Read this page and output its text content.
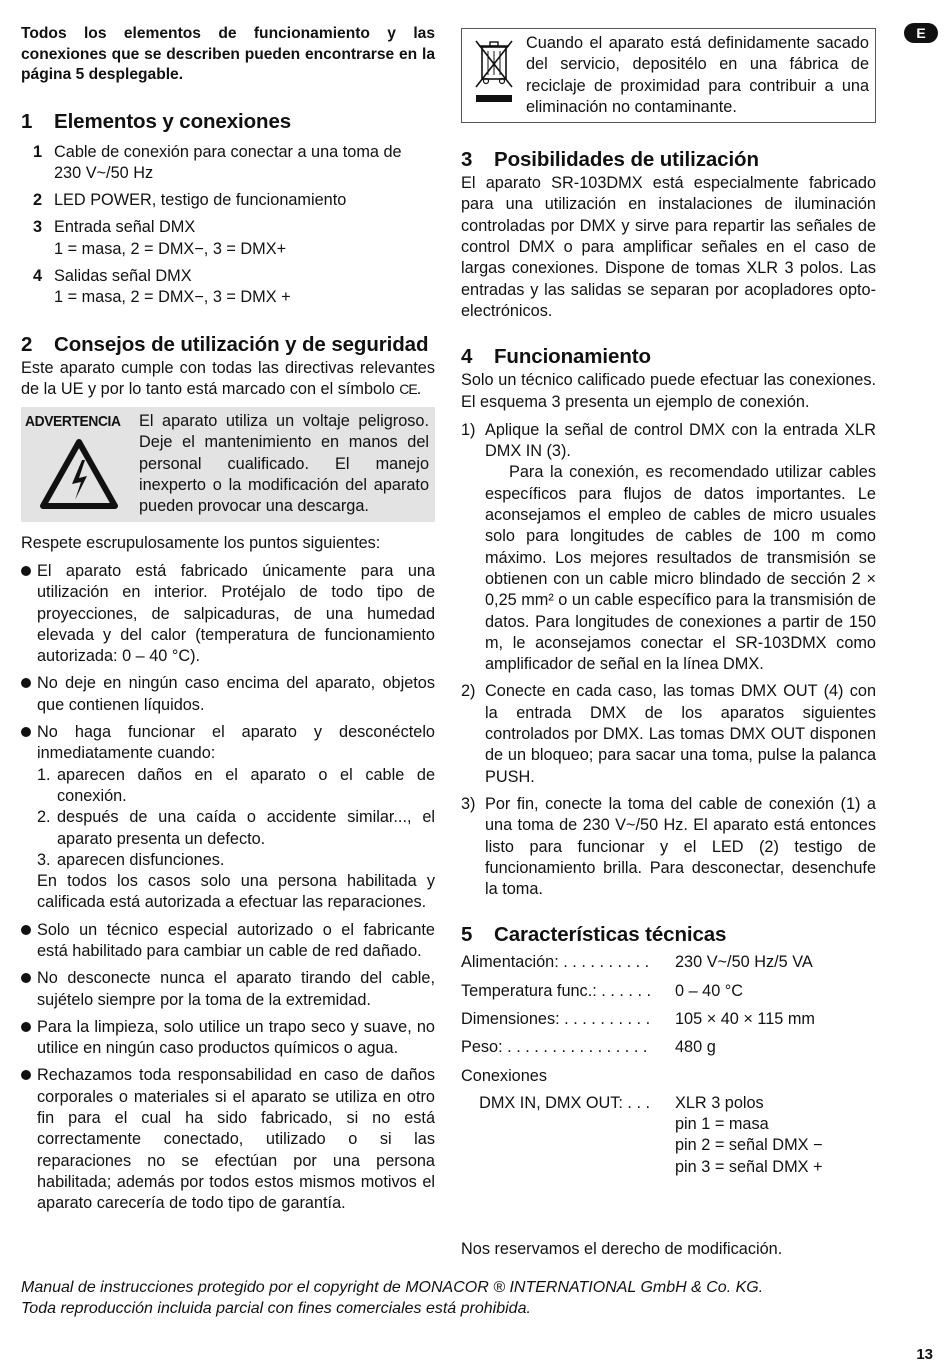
E

Todos los elementos de funcionamiento y las conexiones que se describen pueden encontrarse en la página 5 desplegable.

1	Elementos y conexiones
1 Cable de conexión para conectar a una toma de
230 V~/50 Hz
2 LED POWER, testigo de funcionamiento
3 Entrada señal DMX
1 = masa, 2 = DMX−, 3 = DMX+
4 Salidas señal DMX
1 = masa, 2 = DMX−, 3 = DMX +
2	Consejos de utilización y de seguridad

Este aparato cumple con todas las directivas relevantes de la UE y por lo tanto está marcado con el símbolo CE.

ADVERTENCIA	El aparato utiliza un voltaje peligroso. Deje el mantenimiento en manos del personal cualificado. El manejo inexperto o la modificación del aparato pueden provocar una descarga.

Respete escrupulosamente los puntos siguientes:

El aparato está fabricado únicamente para una utilización en interior. Protéjalo de todo tipo de proyecciones, de salpicaduras, de una humedad elevada y del calor (temperatura de funcionamiento autorizada: 0 – 40 °C).

No deje en ningún caso encima del aparato, objetos que contienen líquidos.

No haga funcionar el aparato y desconéctelo inmediatamente cuando:

1. aparecen daños en el aparato o el cable de conexión.
2. después de una caída o accidente similar..., el aparato presenta un defecto.
3. aparecen disfunciones.

En todos los casos solo una persona habilitada y calificada está autorizada a efectuar las reparaciones.

Solo un técnico especial autorizado o el fabricante está habilitado para cambiar un cable de red dañado.

No desconecte nunca el aparato tirando del cable, sujételo siempre por la toma de la extremidad.

Para la limpieza, solo utilice un trapo seco y suave, no utilice en ningún caso productos químicos o agua.

Rechazamos toda responsabilidad en caso de daños corporales o materiales si el aparato se utiliza en otro fin para el cual ha sido fabricado, si no está correctamente conectado, utilizado o si las reparaciones no se efectúan por una persona habilitada; además por todos estos mismos motivos el aparato carecería de todo tipo de garantía.

Cuando el aparato está definidamente sacado del servicio, depositélo en una fábrica de reciclaje de proximidad para contribuir a una eliminación no contaminante.
3	Posibilidades de utilización

El aparato SR-103DMX está especialmente fabricado para una utilización en instalaciones de iluminación controladas por DMX y sirve para repartir las señales de control DMX o para amplificar señales en el caso de largas conexiones. Dispone de tomas XLR 3 polos. Las entradas y las salidas se separan por acopladores opto-electrónicos.

4	Funcionamiento

Solo un técnico calificado puede efectuar las conexiones. El esquema 3 presenta un ejemplo de conexión.

1) Aplique la señal de control DMX con la entrada XLR DMX IN (3).

Para la conexión, es recomendado utilizar cables específicos para flujos de datos importantes. Le aconsejamos el empleo de cables de micro usuales solo para longitudes de cables de 100 m como máximo. Los mejores resultados de transmisión se obtienen con un cable micro blindado de sección 2 × 0,25 mm² o un cable específico para la transmisión de datos. Para longitudes de conexiones a partir de 150 m, le aconsejamos conectar el SR-103DMX como amplificador de señal en la línea DMX.

2) Conecte en cada caso, las tomas DMX OUT (4) con la entrada DMX de los aparatos siguientes controlados por DMX. Las tomas DMX OUT disponen de un bloqueo; para sacar una toma, pulse la palanca PUSH.

3) Por fin, conecte la toma del cable de conexión (1) a una toma de 230 V~/50 Hz. El aparato está entonces listo para funcionar y el LED (2) testigo de funcionamiento brilla. Para desconectar, desenchufe la toma.

5	Características técnicas
Alimentación: . . . . . . . . . .	230 V~/50 Hz/5 VA
Temperatura func.: . . . . . .	0 – 40 °C
Dimensiones: . . . . . . . . . .	105 × 40 × 115 mm
Peso: . . . . . . . . . . . . . . . .	480 g
Conexiones
DMX IN, DMX OUT: . . .	XLR 3 polos
pin 1 = masa
pin 2 = señal DMX −
pin 3 = señal DMX +

Nos reservamos el derecho de modificación.

Manual de instrucciones protegido por el copyright de MONACOR ® INTERNATIONAL GmbH & Co. KG.
Toda reproducción incluida parcial con fines comerciales está prohibida.
13
